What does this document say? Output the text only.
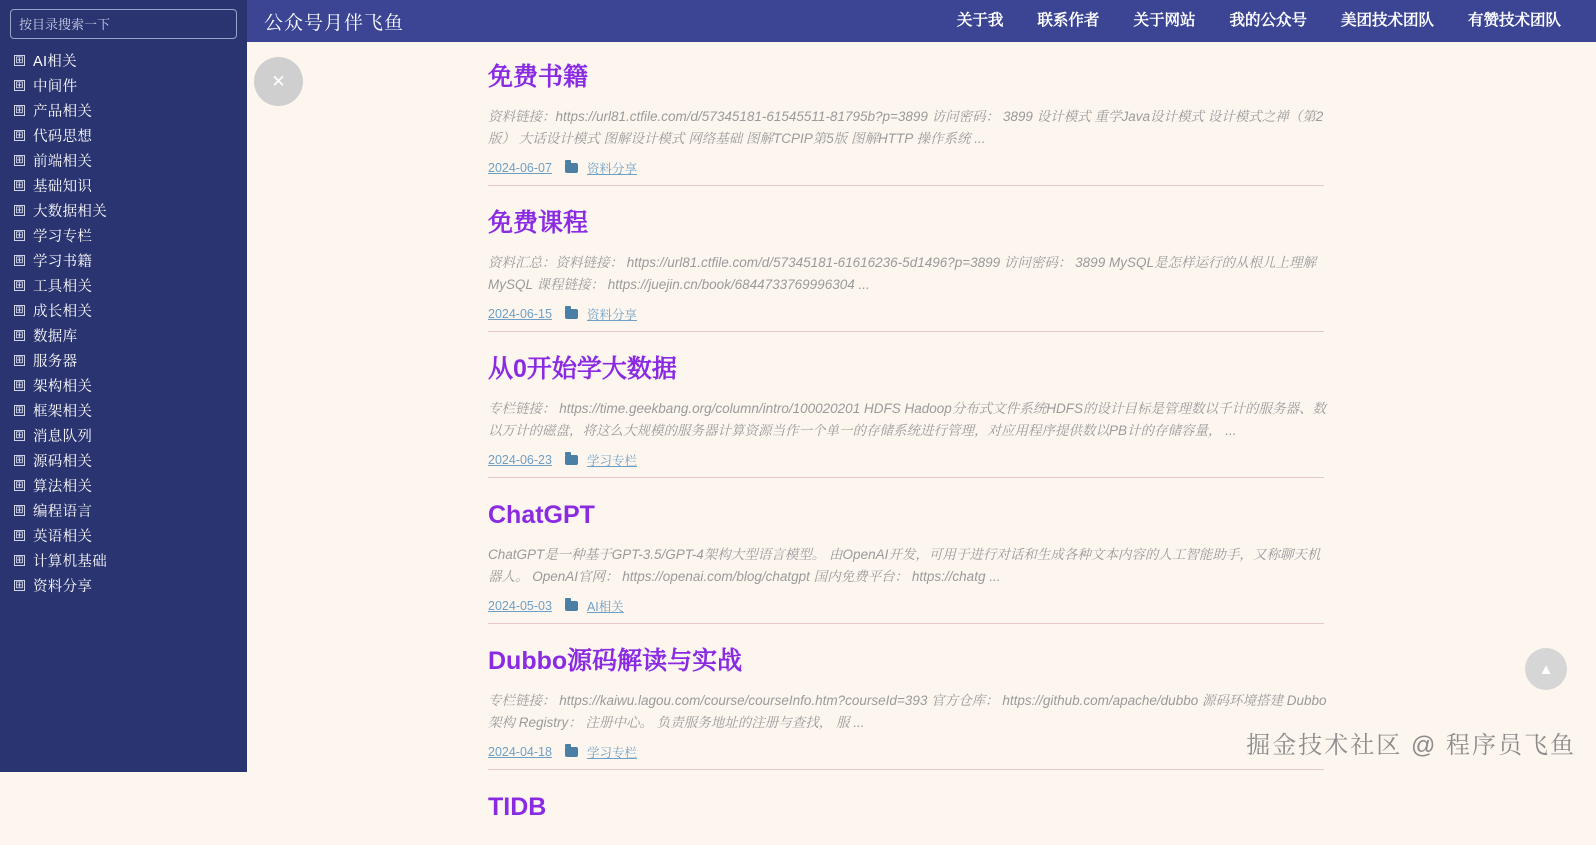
按目录搜索一下
⊞ AI相关
⊞ 中间件
⊞ 产品相关
⊞ 代码思想
⊞ 前端相关
⊞ 基础知识
⊞ 大数据相关
⊞ 学习专栏
⊞ 学习书籍
⊞ 工具相关
⊞ 成长相关
⊞ 数据库
⊞ 服务器
⊞ 架构相关
⊞ 框架相关
⊞ 消息队列
⊞ 源码相关
⊞ 算法相关
⊞ 编程语言
⊞ 英语相关
⊞ 计算机基础
⊞ 资料分享
公众号月伴飞鱼	关于我	联系作者	关于网站	我的公众号	美团技术团队	有赞技术团队
✕	免费书籍

资料链接：https://url81.ctfile.com/d/57345181-61545511-81795b?p=3899 访问密码： 3899 设计模式 重学Java设计模式 设计模式之禅（第2版） 大话设计模式 图解设计模式 网络基础 图解TCPIP第5版 图解HTTP 操作系统 ...

2024-06-07	资料分享
免费课程

资料汇总：资料链接： https://url81.ctfile.com/d/57345181-61616236-5d1496?p=3899 访问密码： 3899 MySQL是怎样运行的从根儿上理解MySQL 课程链接： https://juejin.cn/book/6844733769996304 ...

2024-06-15	资料分享
从0开始学大数据

专栏链接： https://time.geekbang.org/column/intro/100020201 HDFS Hadoop分布式文件系统HDFS的设计目标是管理数以千计的服务器、数以万计的磁盘，将这么大规模的服务器计算资源当作一个单一的存储系统进行管理，对应用程序提供数以PB计的存储容量， ...

2024-06-23	学习专栏
ChatGPT

ChatGPT是一种基于GPT-3.5/GPT-4架构大型语言模型。 由OpenAI开发，可用于进行对话和生成各种文本内容的人工智能助手，又称聊天机器人。 OpenAI官网： https://openai.com/blog/chatgpt 国内免费平台： https://chatg ...

2024-05-03	AI相关
Dubbo源码解读与实战

专栏链接： https://kaiwu.lagou.com/course/courseInfo.htm?courseId=393 官方仓库： https://github.com/apache/dubbo 源码环境搭建 Dubbo架构 Registry： 注册中心。 负责服务地址的注册与查找， 服 ...

2024-04-18	学习专栏
TIDB
▲
掘金技术社区 @ 程序员飞鱼
